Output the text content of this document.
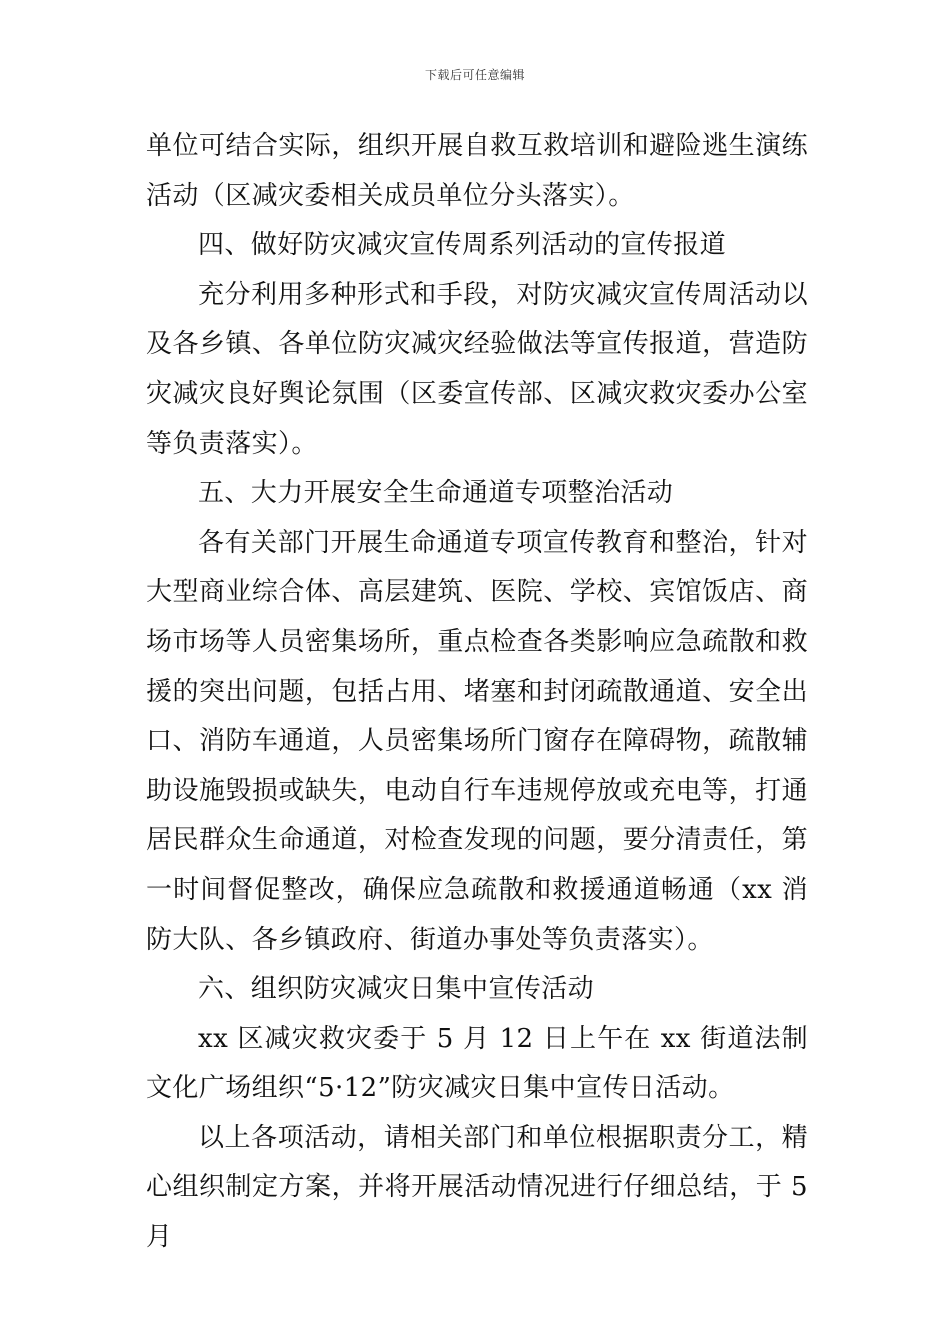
下载后可任意编辑

单位可结合实际，组织开展自救互救培训和避险逃生演练活动（区减灾委相关成员单位分头落实）。

四、做好防灾减灾宣传周系列活动的宣传报道

充分利用多种形式和手段，对防灾减灾宣传周活动以及各乡镇、各单位防灾减灾经验做法等宣传报道，营造防灾减灾良好舆论氛围（区委宣传部、区减灾救灾委办公室等负责落实）。

五、大力开展安全生命通道专项整治活动

各有关部门开展生命通道专项宣传教育和整治，针对大型商业综合体、高层建筑、医院、学校、宾馆饭店、商场市场等人员密集场所，重点检查各类影响应急疏散和救援的突出问题，包括占用、堵塞和封闭疏散通道、安全出口、消防车通道，人员密集场所门窗存在障碍物，疏散辅助设施毁损或缺失，电动自行车违规停放或充电等，打通居民群众生命通道，对检查发现的问题，要分清责任，第一时间督促整改，确保应急疏散和救援通道畅通（xx 消防大队、各乡镇政府、街道办事处等负责落实）。

六、组织防灾减灾日集中宣传活动

xx 区减灾救灾委于 5 月 12 日上午在 xx 街道法制文化广场组织“5·12”防灾减灾日集中宣传日活动。

以上各项活动，请相关部门和单位根据职责分工，精心组织制定方案，并将开展活动情况进行仔细总结，于 5 月
